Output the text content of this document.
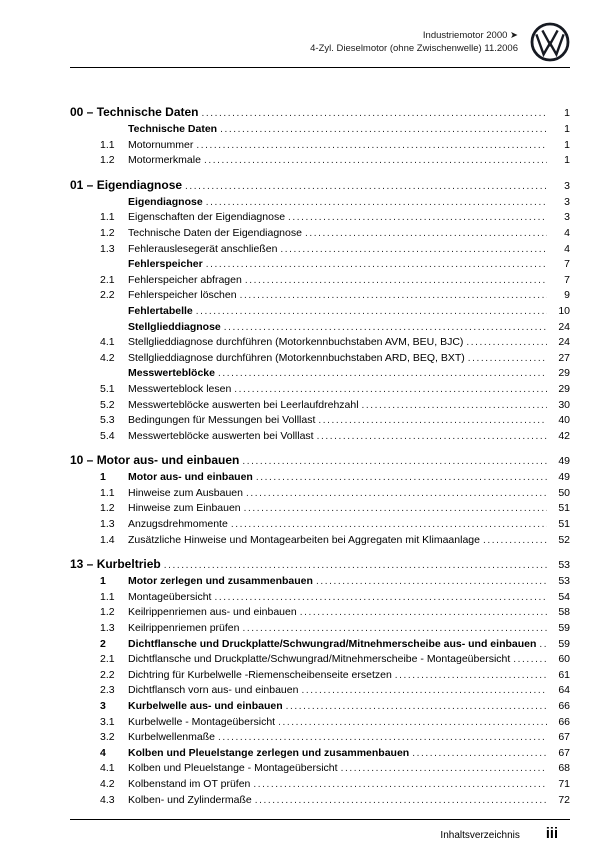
Industriemotor 2000 ➤
4-Zyl. Dieselmotor (ohne Zwischenwelle) 11.2006
00 – Technische Daten .....	1
Technische Daten .....	1
1.1	Motornummer .....	1
1.2	Motormerkmale .....	1
01 – Eigendiagnose .....	3
Eigendiagnose .....	3
1.1	Eigenschaften der Eigendiagnose .....	3
1.2	Technische Daten der Eigendiagnose .....	4
1.3	Fehlerauslesegerät anschließen .....	4
Fehlerspeicher .....	7
2.1	Fehlerspeicher abfragen .....	7
2.2	Fehlerspeicher löschen .....	9
Fehlertabelle .....	10
Stellglieddiagnose .....	24
4.1	Stellglieddiagnose durchführen (Motorkennbuchstaben AVM, BEU, BJC) .....	24
4.2	Stellglieddiagnose durchführen (Motorkennbuchstaben ARD, BEQ, BXT) .....	27
Messwerteblöcke .....	29
5.1	Messwerteblock lesen .....	29
5.2	Messwerteblöcke auswerten bei Leerlaufdrehzahl .....	30
5.3	Bedingungen für Messungen bei Volllast .....	40
5.4	Messwerteblöcke auswerten bei Volllast .....	42
10 – Motor aus- und einbauen .....	49
1	Motor aus- und einbauen .....	49
1.1	Hinweise zum Ausbauen .....	50
1.2	Hinweise zum Einbauen .....	51
1.3	Anzugsdrehmomente .....	51
1.4	Zusätzliche Hinweise und Montagearbeiten bei Aggregaten mit Klimaanlage .....	52
13 – Kurbeltrieb .....	53
1	Motor zerlegen und zusammenbauen .....	53
1.1	Montageübersicht .....	54
1.2	Keilrippenriemen aus- und einbauen .....	58
1.3	Keilrippenriemen prüfen .....	59
2	Dichtflansche und Druckplatte/Schwungrad/Mitnehmerscheibe aus- und einbauen .....	59
2.1	Dichtflansche und Druckplatte/Schwungrad/Mitnehmerscheibe - Montageübersicht .....	60
2.2	Dichtring für Kurbelwelle -Riemenscheibenseite ersetzen .....	61
2.3	Dichtflansch vorn aus- und einbauen .....	64
3	Kurbelwelle aus- und einbauen .....	66
3.1	Kurbelwelle - Montageübersicht .....	66
3.2	Kurbelwellenmaße .....	67
4	Kolben und Pleuelstange zerlegen und zusammenbauen .....	67
4.1	Kolben und Pleuelstange - Montageübersicht .....	68
4.2	Kolbenstand im OT prüfen .....	71
4.3	Kolben- und Zylindermaße .....	72
Inhaltsverzeichnis iii
